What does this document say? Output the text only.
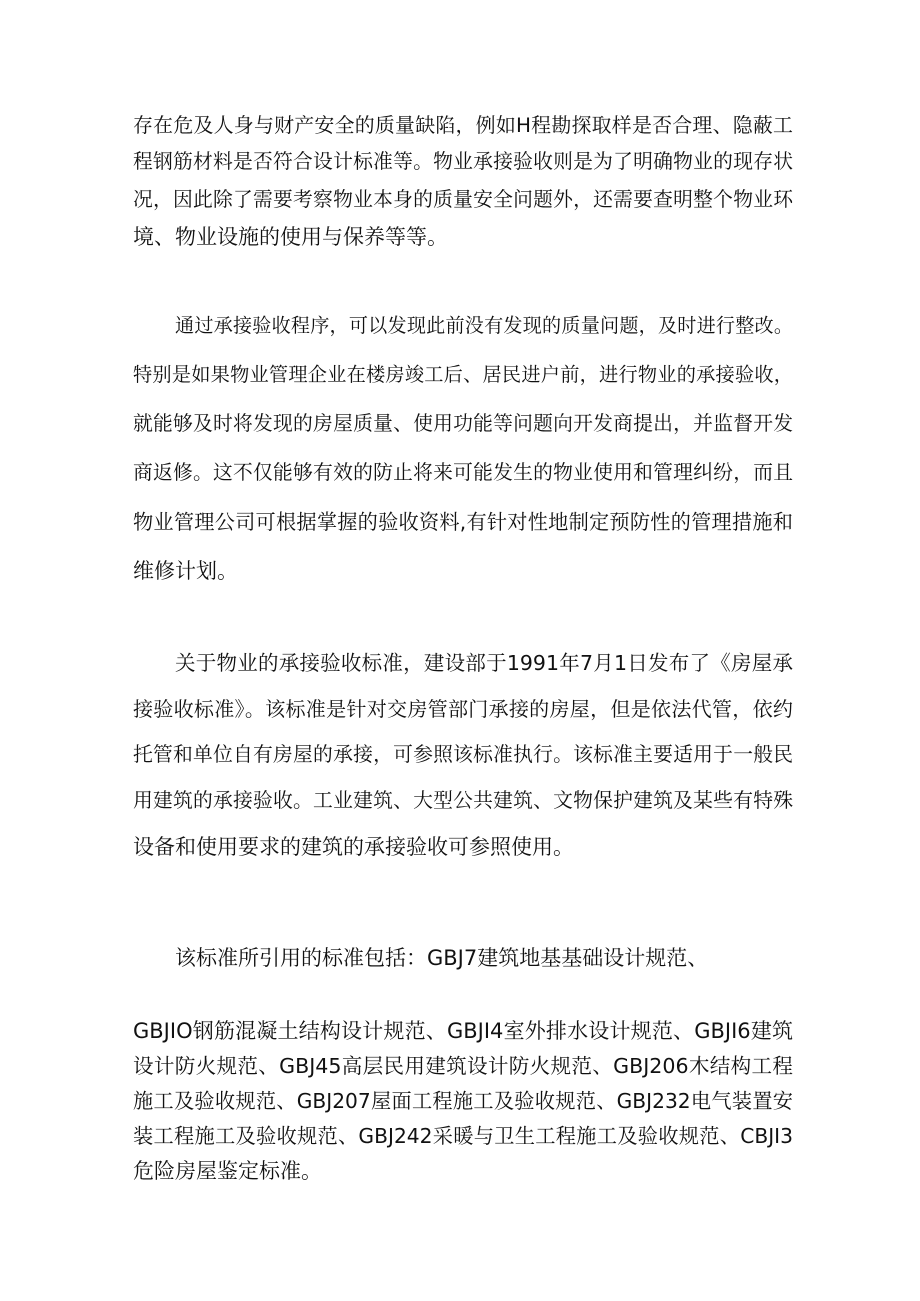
存在危及人身与财产安全的质量缺陷，例如H程勘探取样是否合理、隐蔽工
程钢筋材料是否符合设计标准等。物业承接验收则是为了明确物业的现存状
况，因此除了需要考察物业本身的质量安全问题外，还需要查明整个物业环
境、物业设施的使用与保养等等。
通过承接验收程序，可以发现此前没有发现的质量问题，及时进行整改。
特别是如果物业管理企业在楼房竣工后、居民进户前，进行物业的承接验收，
就能够及时将发现的房屋质量、使用功能等问题向开发商提出，并监督开发
商返修。这不仅能够有效的防止将来可能发生的物业使用和管理纠纷，而且
物业管理公司可根据掌握的验收资料,有针对性地制定预防性的管理措施和
维修计划。
关于物业的承接验收标准，建设部于1991年7月1日发布了《房屋承
接验收标准》。该标准是针对交房管部门承接的房屋，但是依法代管，依约
托管和单位自有房屋的承接，可参照该标准执行。该标准主要适用于一般民
用建筑的承接验收。工业建筑、大型公共建筑、文物保护建筑及某些有特殊
设备和使用要求的建筑的承接验收可参照使用。
该标准所引用的标准包括：GBJ7建筑地基基础设计规范、
GBJIO钢筋混凝土结构设计规范、GBJI4室外排水设计规范、GBJI6建筑
设计防火规范、GBJ45高层民用建筑设计防火规范、GBJ206木结构工程
施工及验收规范、GBJ207屋面工程施工及验收规范、GBJ232电气装置安
装工程施工及验收规范、GBJ242采暖与卫生工程施工及验收规范、CBJI3
危险房屋鉴定标准。
